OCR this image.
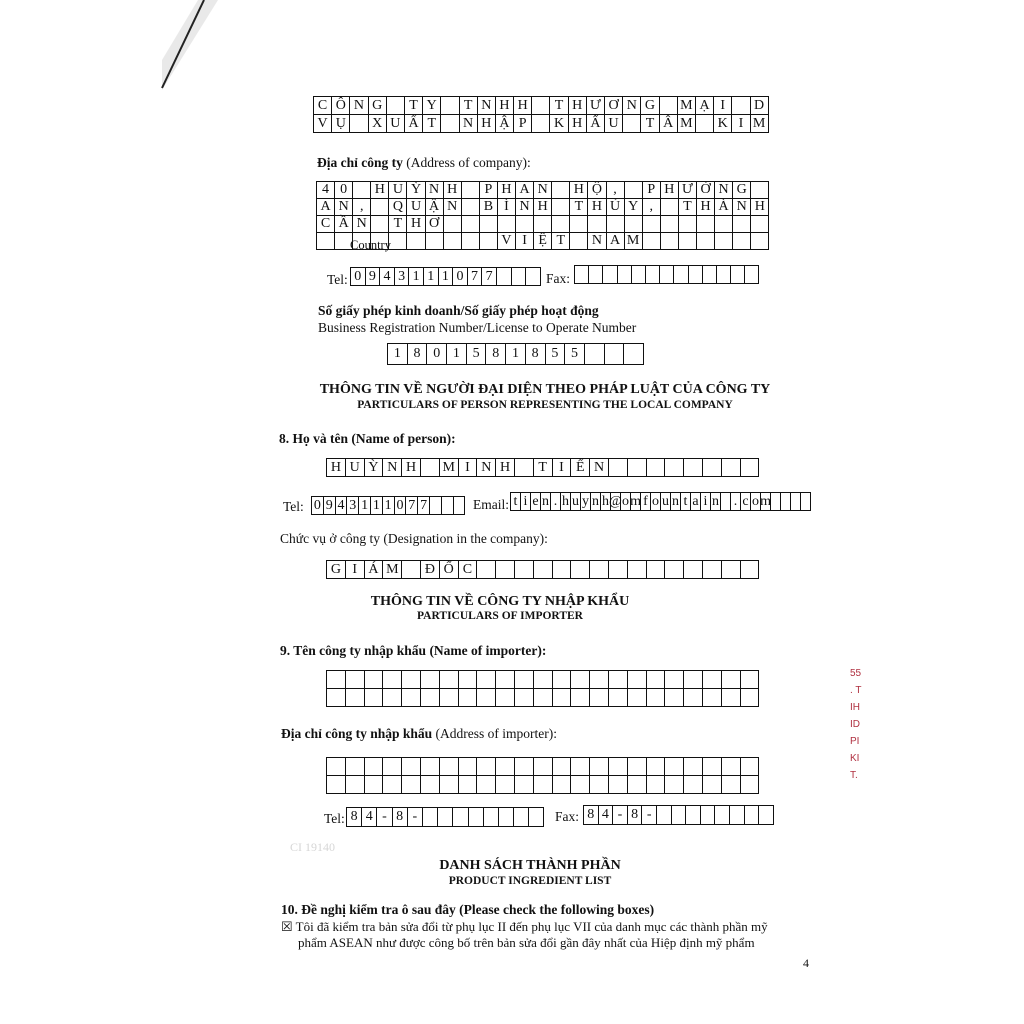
C Ô N G	T Y	T N H H	T H Ư Ơ N G	M Ạ I	D
V Ụ	X U Ấ T	N H Ậ P	K H Ẩ U	T Â M K I M
Địa chỉ công ty (Address of company):
4 0	H U Ỳ N H	P H A N	H Ộ ,	P H Ư Ờ N G
A N ,	Q U Ậ N	B Ì N H	T H Ủ Y ,	T H À N H
C Ầ N	T H Ơ
V I Ệ T	N A M
Country
Tel: 0 9 4 3 1 1 1 0 7 7	Fax:
Số giấy phép kinh doanh/Số giấy phép hoạt động
Business Registration Number/License to Operate Number
1 8 0 1 5 8 1 8 5 5
THÔNG TIN VỀ NGƯỜI ĐẠI DIỆN THEO PHÁP LUẬT CỦA CÔNG TY
PARTICULARS OF PERSON REPRESENTING THE LOCAL COMPANY
8. Họ và tên (Name of person):
H U Ỳ N H	M I N H	T I Ế N
Tel: 0 9 4 3 1 1 1 0 7 7	Email: t i e n . h u y n h @ o m f o u n t a i n . c o m
Chức vụ ở công ty (Designation in the company):
G I Á M Đ Ố C
THÔNG TIN VỀ CÔNG TY NHẬP KHẨU
PARTICULARS OF IMPORTER
9. Tên công ty nhập khẩu (Name of importer):
Địa chỉ công ty nhập khẩu (Address of importer):
Tel: 8 4 - 8 -	Fax: 8 4 - 8 -
CI 19140
DANH SÁCH THÀNH PHẦN
PRODUCT INGREDIENT LIST
10. Đề nghị kiểm tra ô sau đây (Please check the following boxes)
☒ Tôi đã kiểm tra bản sửa đổi từ phụ lục II đến phụ lục VII của danh mục các thành phần mỹ
phẩm ASEAN như được công bố trên bản sửa đổi gần đây nhất của Hiệp định mỹ phẩm
4
55
. T
IH
ID
PI
KI
T.
